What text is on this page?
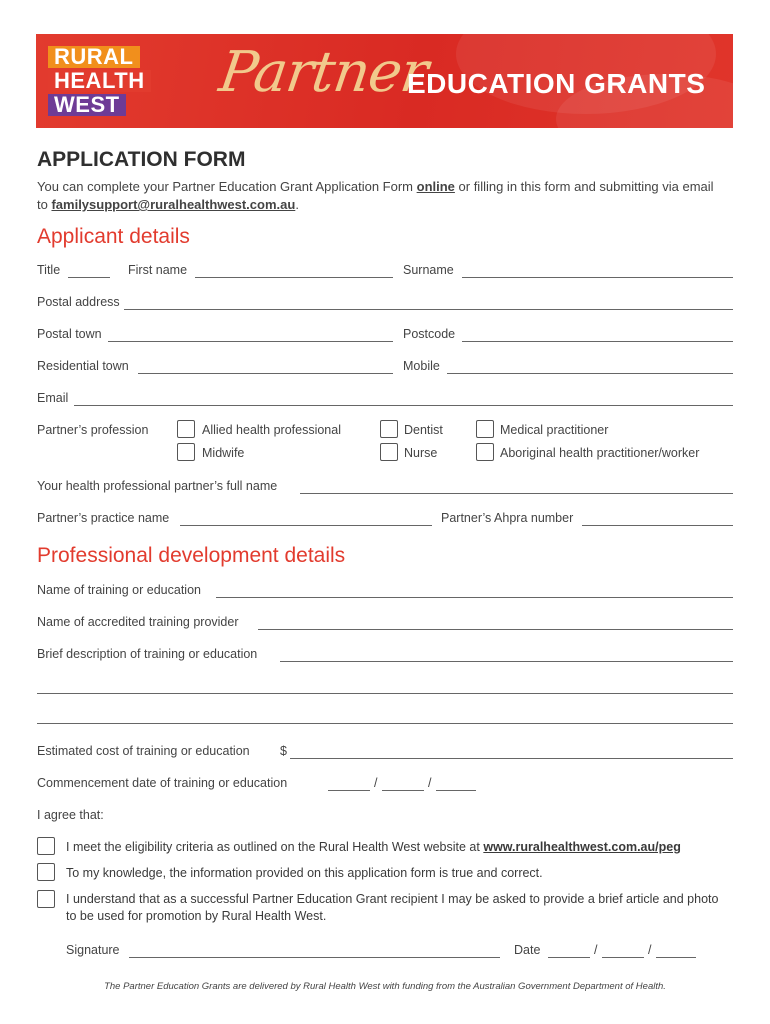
RURAL
HEALTH
WEST Partner
EDUCATION GRANTS
APPLICATION FORM
You can complete your Partner Education Grant Application Form online or filling in this form and submitting via email to familysupport@ruralhealthwest.com.au.
Applicant details
Title	First name	Surname
Postal address
Postal town	Postcode
Residential town	Mobile
Email
Partner’s profession	Allied health professional	Dentist	Medical practitioner
Midwife	Nurse	Aboriginal health practitioner/worker
Your health professional partner’s full name
Partner’s practice name	Partner’s Ahpra number
Professional development details
Name of training or education
Name of accredited training provider
Brief description of training or education
Estimated cost of training or education $
Commencement date of training or education	/	/
I agree that:
I meet the eligibility criteria as outlined on the Rural Health West website at www.ruralhealthwest.com.au/peg
To my knowledge, the information provided on this application form is true and correct.
I understand that as a successful Partner Education Grant recipient I may be asked to provide a brief article and photo to be used for promotion by Rural Health West.
Signature	Date	/	/
The Partner Education Grants are delivered by Rural Health West with funding from the Australian Government Department of Health.
